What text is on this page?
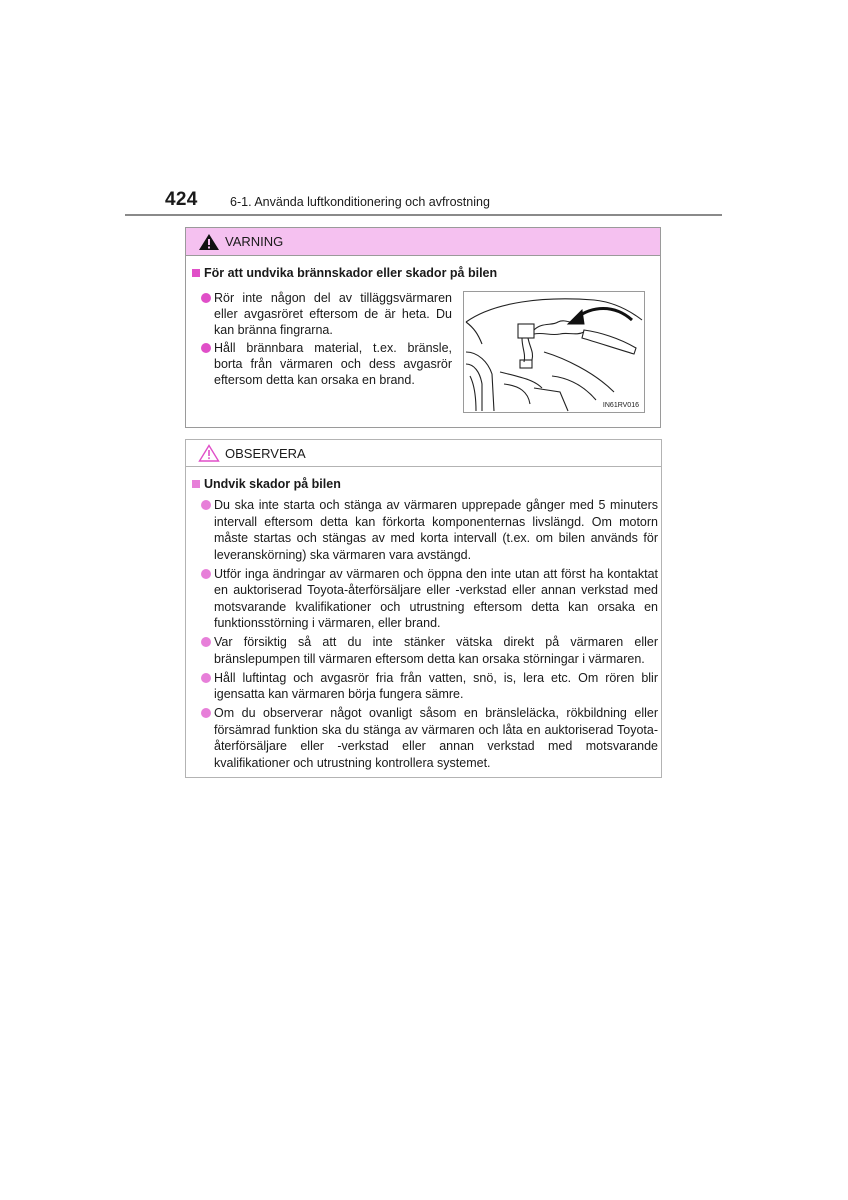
424	6-1. Använda luftkonditionering och avfrostning
VARNING
För att undvika brännskador eller skador på bilen
Rör inte någon del av tilläggsvärmaren eller avgasröret eftersom de är heta. Du kan bränna fingrarna.
Håll brännbara material, t.ex. bränsle, borta från värmaren och dess avgasrör eftersom detta kan orsaka en brand.
IN61RV016
OBSERVERA
Undvik skador på bilen
Du ska inte starta och stänga av värmaren upprepade gånger med 5 minuters intervall eftersom detta kan förkorta komponenternas livslängd. Om motorn måste startas och stängas av med korta intervall (t.ex. om bilen används för leveranskörning) ska värmaren vara avstängd.
Utför inga ändringar av värmaren och öppna den inte utan att först ha kontaktat en auktoriserad Toyota-återförsäljare eller -verkstad eller annan verkstad med motsvarande kvalifikationer och utrustning eftersom detta kan orsaka en funktionsstörning i värmaren, eller brand.
Var försiktig så att du inte stänker vätska direkt på värmaren eller bränslepumpen till värmaren eftersom detta kan orsaka störningar i värmaren.
Håll luftintag och avgasrör fria från vatten, snö, is, lera etc. Om rören blir igensatta kan värmaren börja fungera sämre.
Om du observerar något ovanligt såsom en bränsleläcka, rökbildning eller försämrad funktion ska du stänga av värmaren och låta en auktoriserad Toyota-återförsäljare eller -verkstad eller annan verkstad med motsvarande kvalifikationer och utrustning kontrollera systemet.
